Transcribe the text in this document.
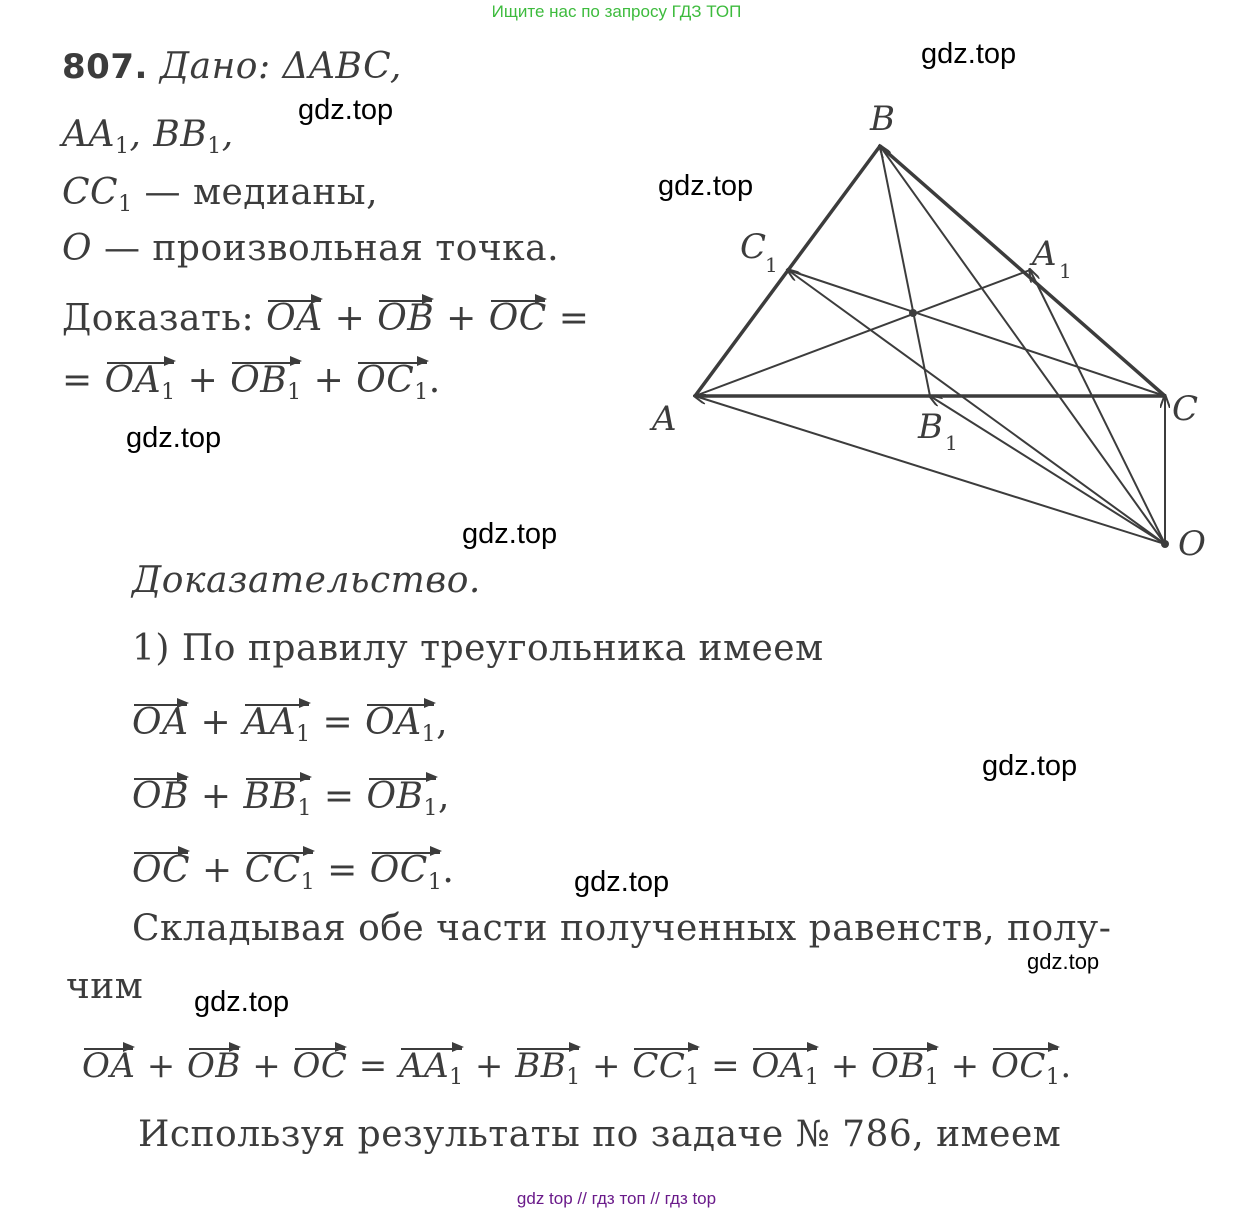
Ищите нас по запросу ГДЗ ТОП
807. Дано: ΔABC,
$AA_1$, $BB_1$,
$CC_1$ — медианы,
O — произвольная точка.
Доказать: OA + OB + OC =
= $OA_1 + OB_1 + OC_1$.
B
A	C
O
C
1	A 1
B 1
Доказательство.
1) По правилу треугольника имеем
OA + $AA_1 = OA_1$,
OB + $BB_1 = OB_1$,
OC + $CC_1 = OC_1$.
Складывая обе части полученных равенств, полу-
чим
OA + OB + OC = $AA_1 + BB_1 + CC_1 = OA_1 + OB_1 + OC_1$.
Используя результаты по задаче № 786, имеем
gdz.top
gdz.top
gdz.top
gdz.top
gdz.top
gdz.top
gdz.top
gdz.top
gdz.top
gdz top // гдз топ // гдз top
